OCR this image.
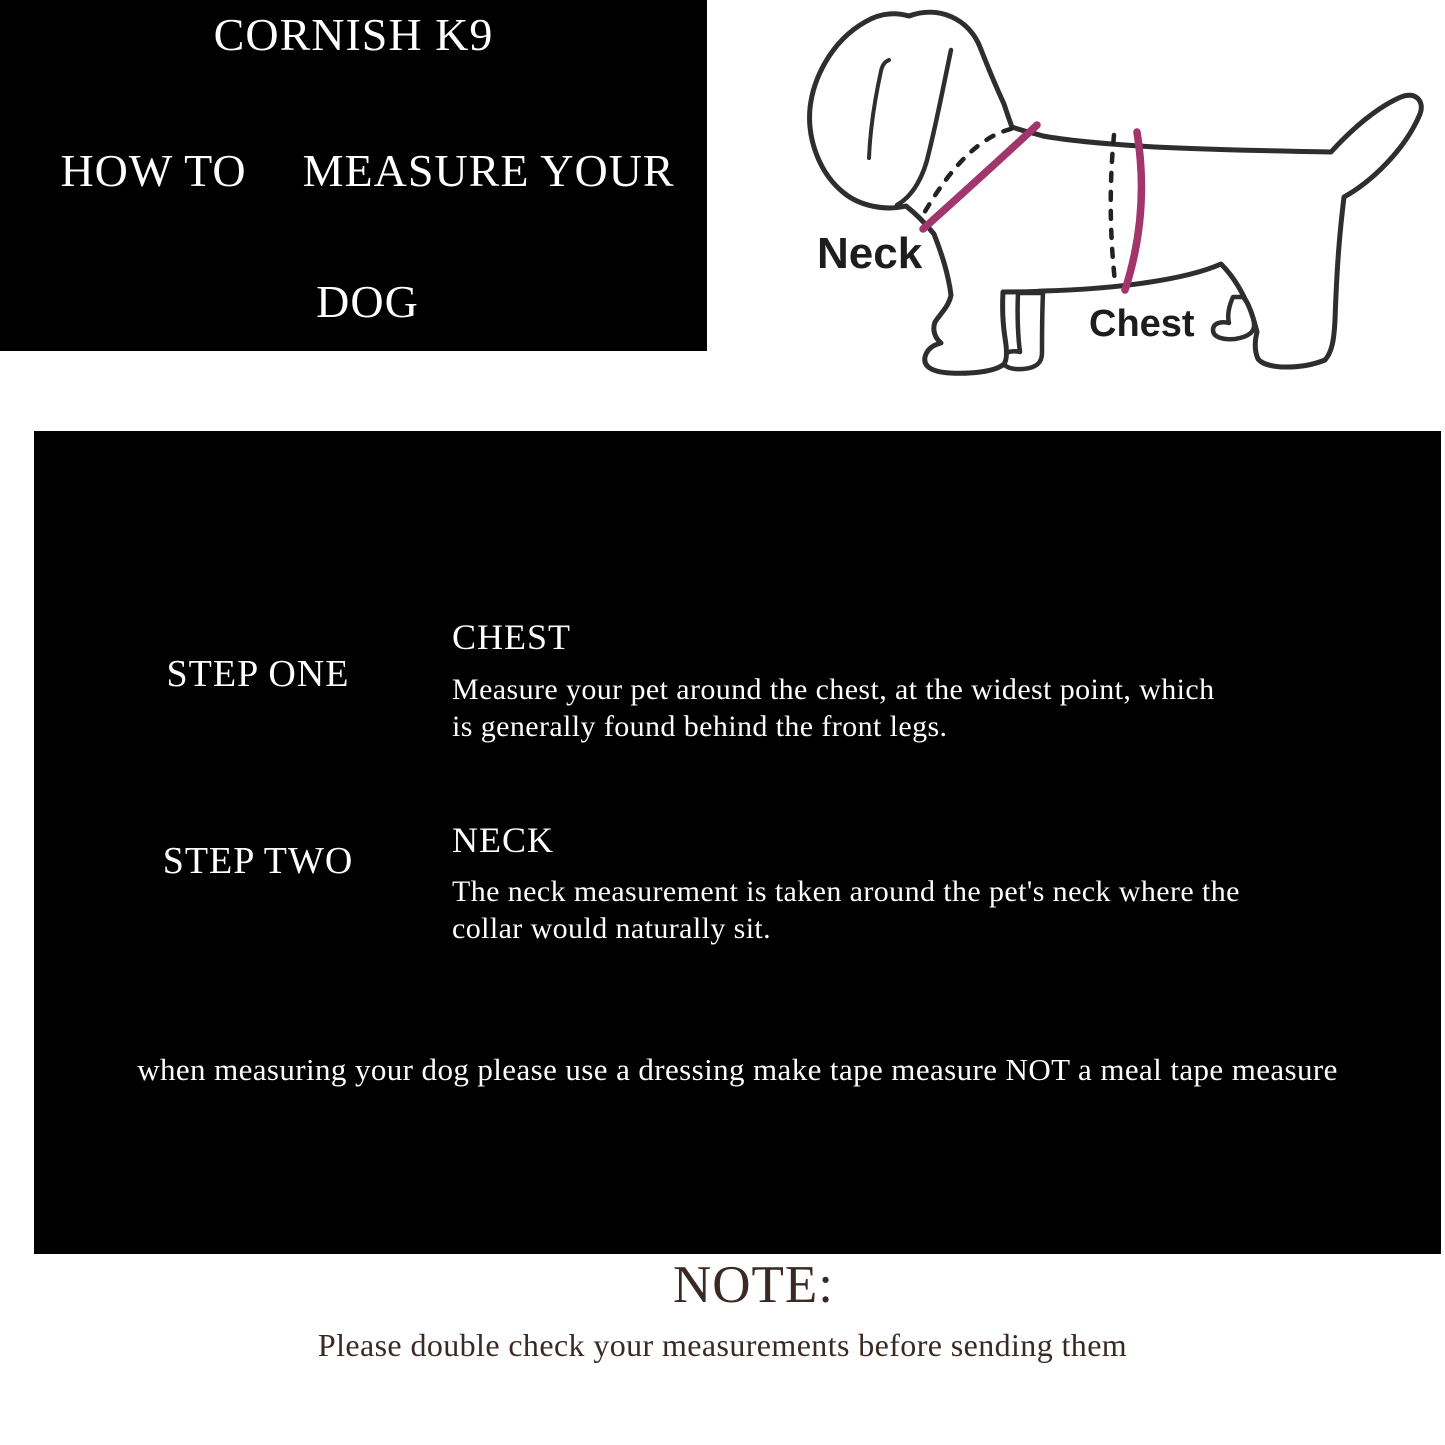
CORNISH K9
HOW TO MEASURE YOUR
DOG
Neck
Chest
STEP ONE
CHEST
Measure your pet around the chest, at the widest point, which
is generally found behind the front legs.
STEP TWO	NECK
The neck measurement is taken around the pet's neck where the
collar would naturally sit.
when measuring your dog please use a dressing make tape measure NOT a meal tape measure
NOTE:
Please double check your measurements before sending them
